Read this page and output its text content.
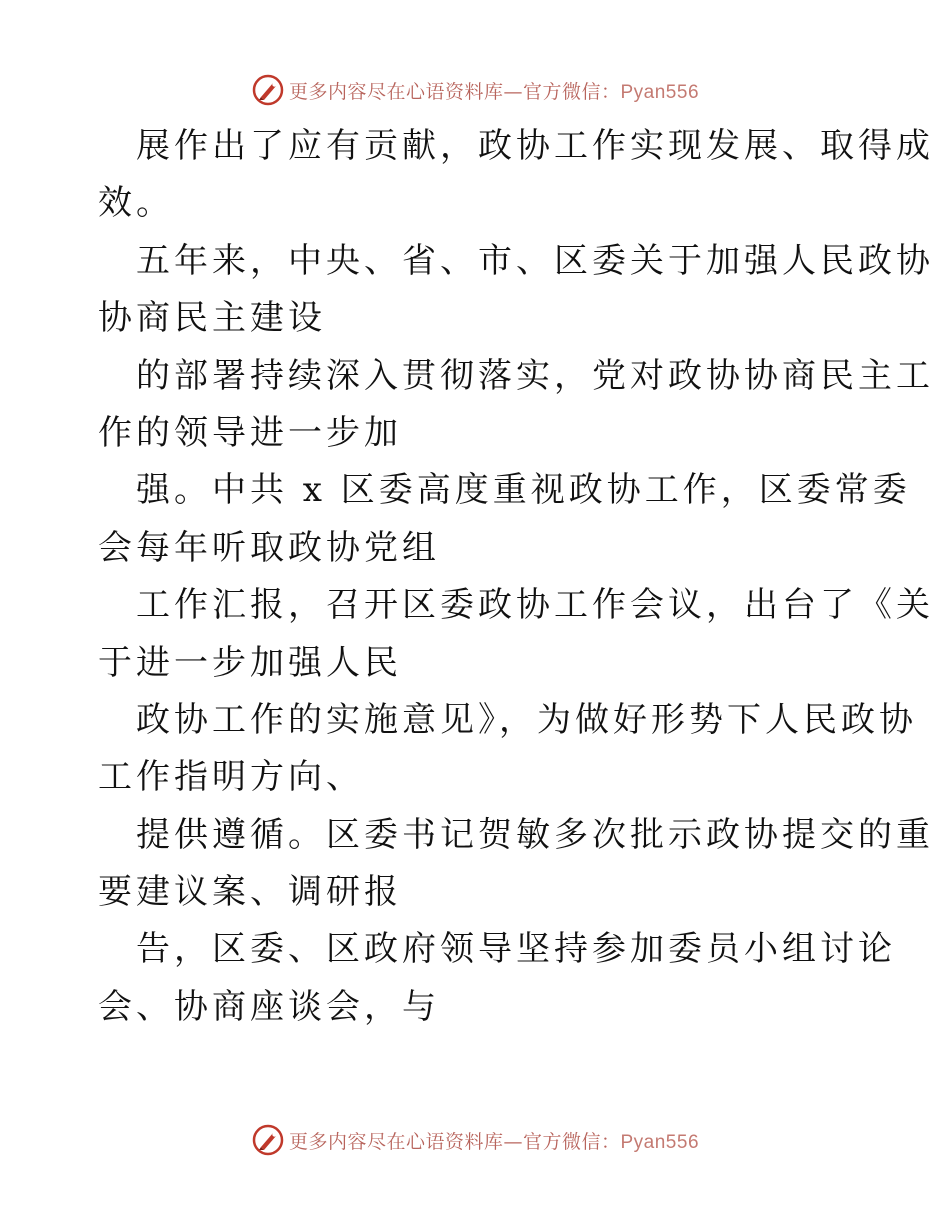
更多内容尽在心语资料库—官方微信：Pyan556
展作出了应有贡献，政协工作实现发展、取得成
效。
五年来，中央、省、市、区委关于加强人民政协
协商民主建设
的部署持续深入贯彻落实，党对政协协商民主工
作的领导进一步加
强。中共 x 区委高度重视政协工作，区委常委
会每年听取政协党组
工作汇报，召开区委政协工作会议，出台了《关
于进一步加强人民
政协工作的实施意见》，为做好形势下人民政协
工作指明方向、
提供遵循。区委书记贺敏多次批示政协提交的重
要建议案、调研报
告，区委、区政府领导坚持参加委员小组讨论
会、协商座谈会，与
更多内容尽在心语资料库—官方微信：Pyan556
